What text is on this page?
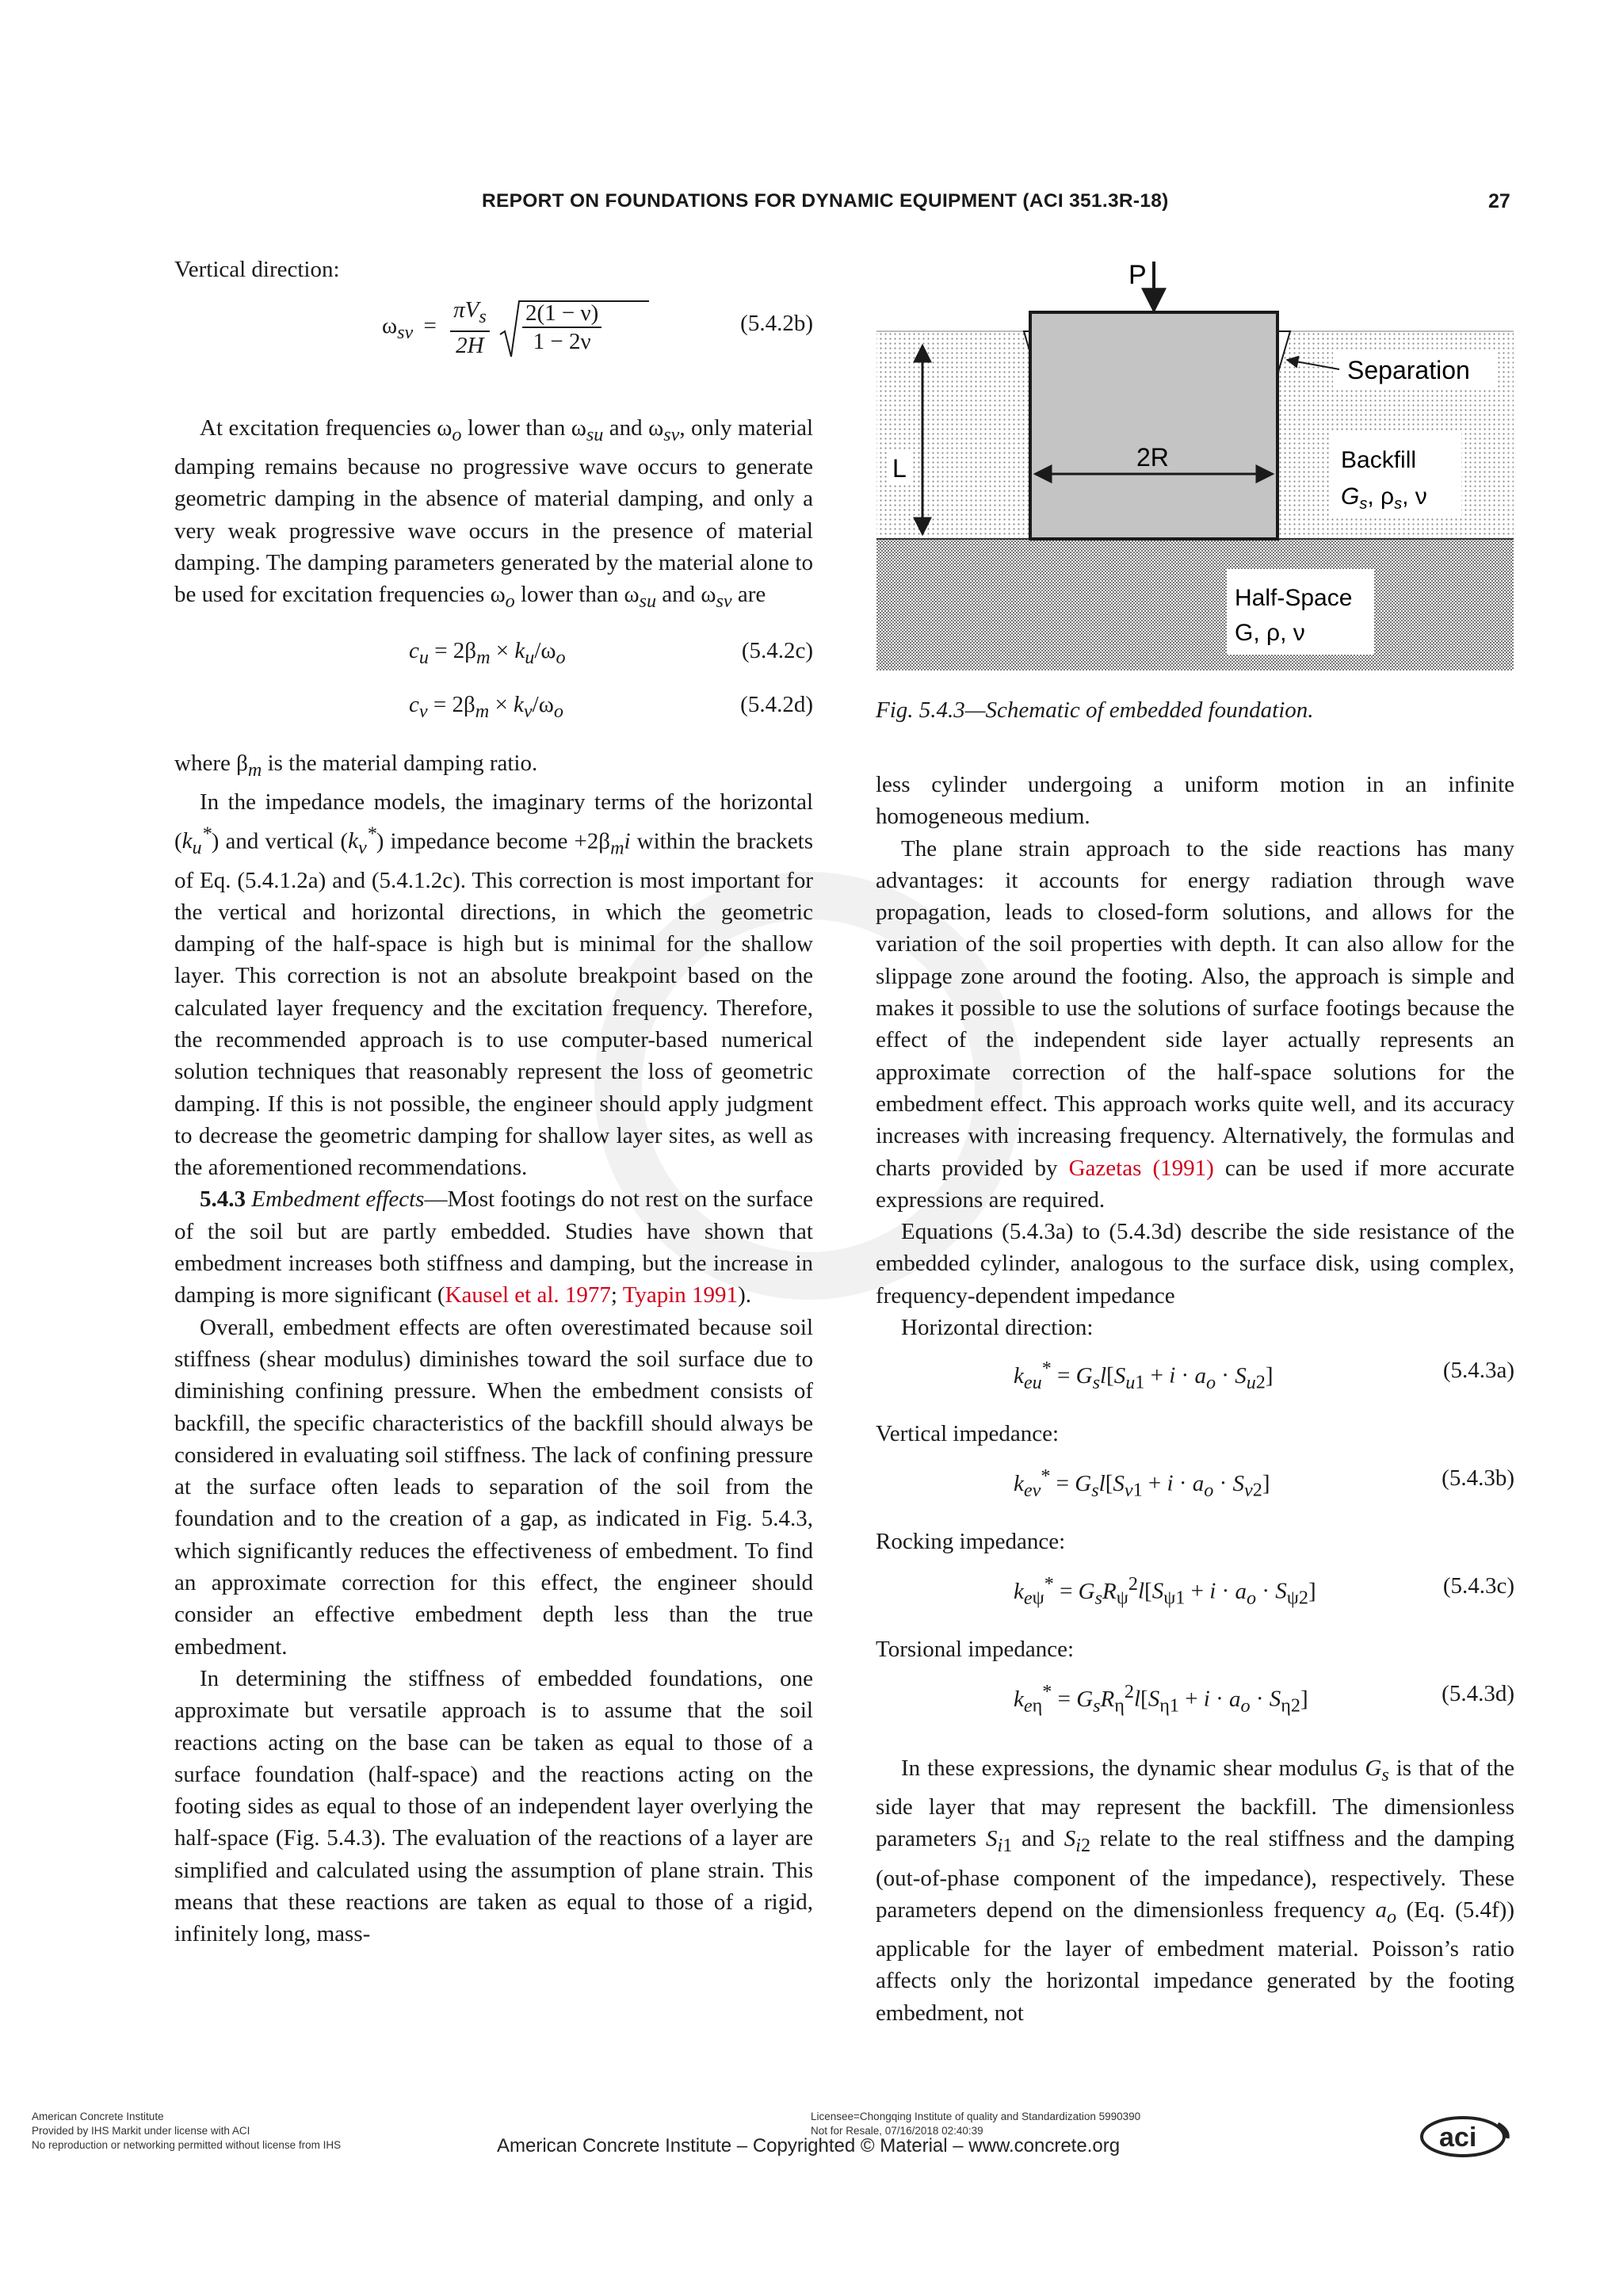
REPORT ON FOUNDATIONS FOR DYNAMIC EQUIPMENT (ACI 351.3R-18)	27
Vertical direction:
$\omega_{sv} = \frac{\pi V_s}{2H}$
$\frac{2(1 - \nu)}{1 - 2\nu}$	(5.4.2b)

At excitation frequencies $\omega_o$ lower than $\omega_{su}$ and $\omega_{sv}$, only material damping remains because no progressive wave occurs to generate geometric damping in the absence of material damping, and only a very weak progressive wave occurs in the presence of material damping. The damping parameters generated by the material alone to be used for excitation frequencies $\omega_o$ lower than $\omega_{su}$ and $\omega_{sv}$ are

$c_u = 2\beta_m \times k_u/\omega_o$	(5.4.2c)
$c_v = 2\beta_m \times k_v/\omega_o$	(5.4.2d)

where $\beta_m$ is the material damping ratio.

In the impedance models, the imaginary terms of the horizontal $(k_u^*)$ and vertical $(k_v^*)$ impedance become $+2\beta_mi$ within the brackets of Eq. (5.4.1.2a) and (5.4.1.2c). This correction is most important for the vertical and horizontal directions, in which the geometric damping of the half-space is high but is minimal for the shallow layer. This correction is not an absolute breakpoint based on the calculated layer frequency and the excitation frequency. Therefore, the recommended approach is to use computer-based numerical solution techniques that reasonably represent the loss of geometric damping. If this is not possible, the engineer should apply judgment to decrease the geometric damping for shallow layer sites, as well as the aforementioned recommendations.

5.4.3 Embedment effects—Most footings do not rest on the surface of the soil but are partly embedded. Studies have shown that embedment increases both stiffness and damping, but the increase in damping is more significant (Kausel et al. 1977; Tyapin 1991).

Overall, embedment effects are often overestimated because soil stiffness (shear modulus) diminishes toward the soil surface due to diminishing confining pressure. When the embedment consists of backfill, the specific characteristics of the backfill should always be considered in evaluating soil stiffness. The lack of confining pressure at the surface often leads to separation of the soil from the foundation and to the creation of a gap, as indicated in Fig. 5.4.3, which significantly reduces the effectiveness of embedment. To find an approximate correction for this effect, the engineer should consider an effective embedment depth less than the true embedment.

In determining the stiffness of embedded foundations, one approximate but versatile approach is to assume that the soil reactions acting on the base can be taken as equal to those of a surface foundation (half-space) and the reactions acting on the footing sides as equal to those of an independent layer overlying the half-space (Fig. 5.4.3). The evaluation of the reactions of a layer are simplified and calculated using the assumption of plane strain. This means that these reactions are taken as equal to those of a rigid, infinitely long, mass-

P
2R
L
Separation
Backfill
$G_s$, $\rho_s$, ν
Half-Space
G, ρ, ν
Fig. 5.4.3—Schematic of embedded foundation.

less cylinder undergoing a uniform motion in an infinite homogeneous medium.

The plane strain approach to the side reactions has many advantages: it accounts for energy radiation through wave propagation, leads to closed-form solutions, and allows for the variation of the soil properties with depth. It can also allow for the slippage zone around the footing. Also, the approach is simple and makes it possible to use the solutions of surface footings because the effect of the independent side layer actually represents an approximate correction of the half-space solutions for the embedment effect. This approach works quite well, and its accuracy increases with increasing frequency. Alternatively, the formulas and charts provided by Gazetas (1991) can be used if more accurate expressions are required.

Equations (5.4.3a) to (5.4.3d) describe the side resistance of the embedded cylinder, analogous to the surface disk, using complex, frequency-dependent impedance

Horizontal direction:
$k_{eu}^* = G_sl[S_{u1} + i \cdot a_o \cdot S_{u2}]$	(5.4.3a)
Vertical impedance:
$k_{ev}^* = G_sl[S_{v1} + i \cdot a_o \cdot S_{v2}]$	(5.4.3b)
Rocking impedance:
$k_{e\psi}^* = G_sR_\psi^2l[S_{\psi 1} + i \cdot a_o \cdot S_{\psi 2}]$	(5.4.3c)
Torsional impedance:
$k_{e\eta}^* = G_sR_\eta^2l[S_{\eta 1} + i \cdot a_o \cdot S_{\eta 2}]$	(5.4.3d)

In these expressions, the dynamic shear modulus $G_s$ is that of the side layer that may represent the backfill. The dimensionless parameters $S_{i1}$ and $S_{i2}$ relate to the real stiffness and the damping (out-of-phase component of the impedance), respectively. These parameters depend on the dimensionless frequency $a_o$ (Eq. (5.4f)) applicable for the layer of embedment material. Poisson’s ratio affects only the horizontal impedance generated by the footing embedment, not

American Concrete Institute
Provided by IHS Markit under license with ACI
No reproduction or networking permitted without license from IHS
Licensee=Chongqing Institute of quality and Standardization 5990390
Not for Resale, 07/16/2018 02:40:39
American Concrete Institute – Copyrighted © Material – www.concrete.org	aci
